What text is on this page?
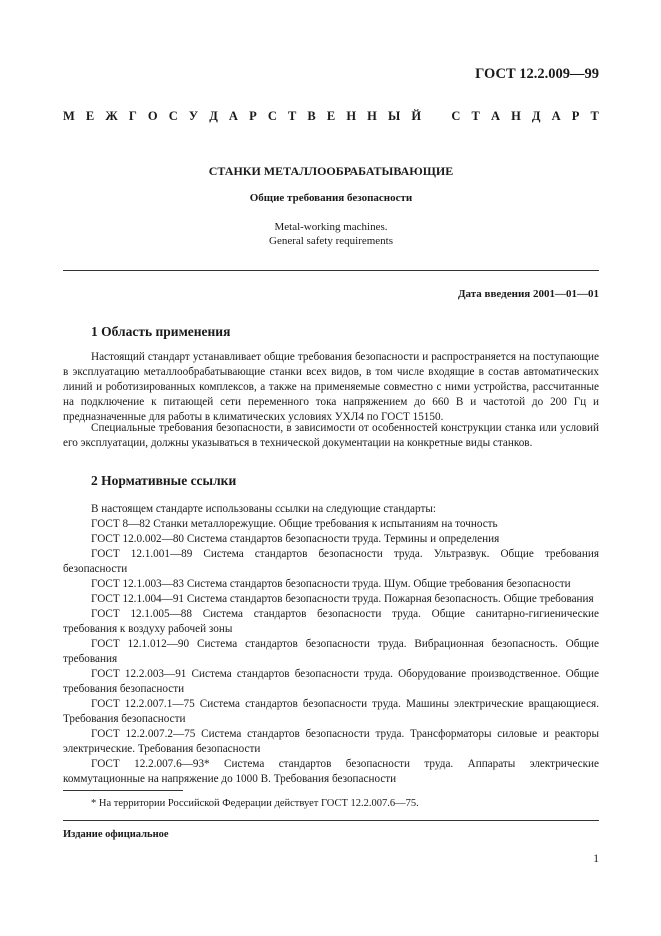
ГОСТ 12.2.009—99
М Е Ж Г О С У Д А Р С Т В Е Н Н Ы Й С Т А Н Д А Р Т
СТАНКИ МЕТАЛЛООБРАБАТЫВАЮЩИЕ
Общие требования безопасности
Metal-working machines.
General safety requirements
Дата введения 2001—01—01
1 Область применения
Настоящий стандарт устанавливает общие требования безопасности и распространяется на поступающие в эксплуатацию металлообрабатывающие станки всех видов, в том числе входящие в состав автоматических линий и роботизированных комплексов, а также на применяемые совместно с ними устройства, рассчитанные на подключение к питающей сети переменного тока напряжением до 660 В и частотой до 200 Гц и предназначенные для работы в климатических условиях УХЛ4 по ГОСТ 15150.
Специальные требования безопасности, в зависимости от особенностей конструкции станка или условий его эксплуатации, должны указываться в технической документации на конкретные виды станков.
2 Нормативные ссылки
В настоящем стандарте использованы ссылки на следующие стандарты:
ГОСТ 8—82 Станки металлорежущие. Общие требования к испытаниям на точность
ГОСТ 12.0.002—80 Система стандартов безопасности труда. Термины и определения
ГОСТ 12.1.001—89 Система стандартов безопасности труда. Ультразвук. Общие требования безопасности
ГОСТ 12.1.003—83 Система стандартов безопасности труда. Шум. Общие требования безопасности
ГОСТ 12.1.004—91 Система стандартов безопасности труда. Пожарная безопасность. Общие требования
ГОСТ 12.1.005—88 Система стандартов безопасности труда. Общие санитарно-гигиенические требования к воздуху рабочей зоны
ГОСТ 12.1.012—90 Система стандартов безопасности труда. Вибрационная безопасность. Общие требования
ГОСТ 12.2.003—91 Система стандартов безопасности труда. Оборудование производственное. Общие требования безопасности
ГОСТ 12.2.007.1—75 Система стандартов безопасности труда. Машины электрические вращающиеся. Требования безопасности
ГОСТ 12.2.007.2—75 Система стандартов безопасности труда. Трансформаторы силовые и реакторы электрические. Требования безопасности
ГОСТ 12.2.007.6—93* Система стандартов безопасности труда. Аппараты электрические коммутационные на напряжение до 1000 В. Требования безопасности
* На территории Российской Федерации действует ГОСТ 12.2.007.6—75.
Издание официальное
1
